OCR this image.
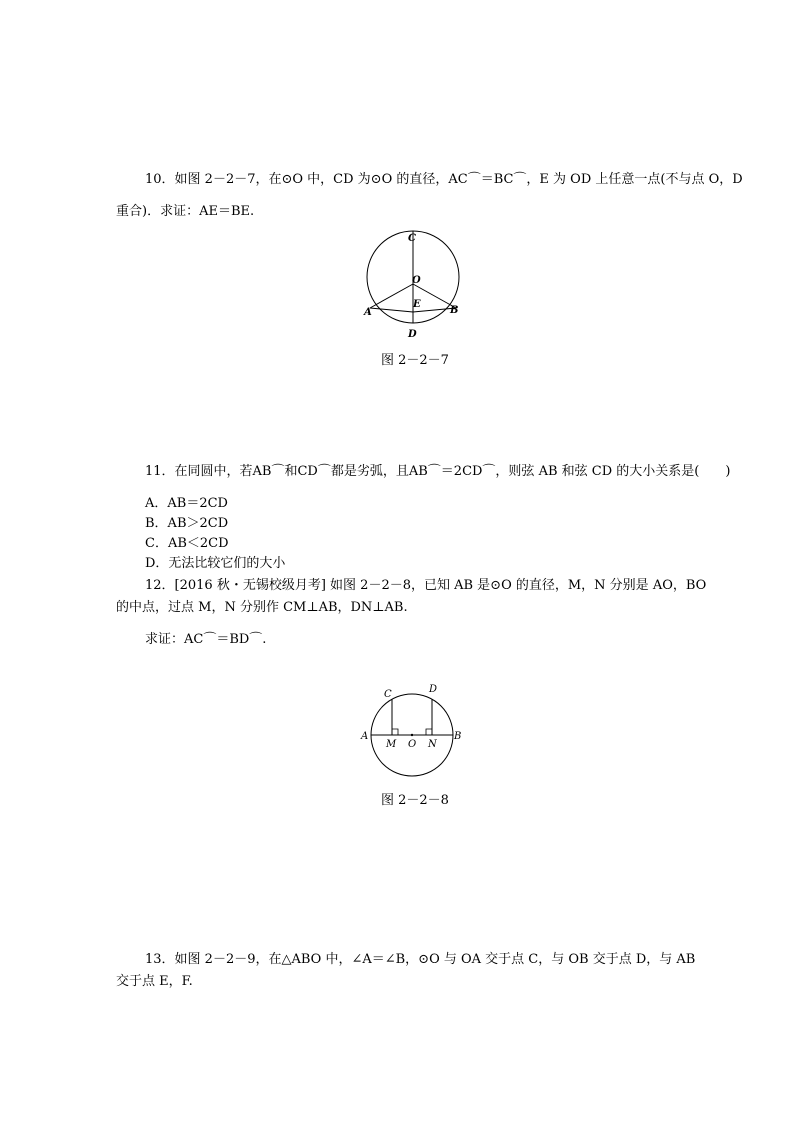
10．如图 2－2－7，在⊙O 中，CD 为⊙O 的直径，AC⌒＝BC⌒，E 为 OD 上任意一点(不与点 O，D
重合)．求证：AE＝BE.
C
O
E
A	B
D
图 2－2－7
11．在同圆中，若AB⌒和CD⌒都是劣弧，且AB⌒＝2CD⌒，则弦 AB 和弦 CD 的大小关系是(　　)
A．AB＝2CD
B．AB＞2CD
C．AB＜2CD
D．无法比较它们的大小
12．[2016 秋・无锡校级月考] 如图 2－2－8，已知 AB 是⊙O 的直径，M，N 分别是 AO，BO
的中点，过点 M，N 分别作 CM⊥AB，DN⊥AB.
求证：AC⌒＝BD⌒.
C	D
A
M O N
B
图 2－2－8
13．如图 2－2－9，在△ABO 中，∠A＝∠B，⊙O 与 OA 交于点 C，与 OB 交于点 D，与 AB
交于点 E，F.
